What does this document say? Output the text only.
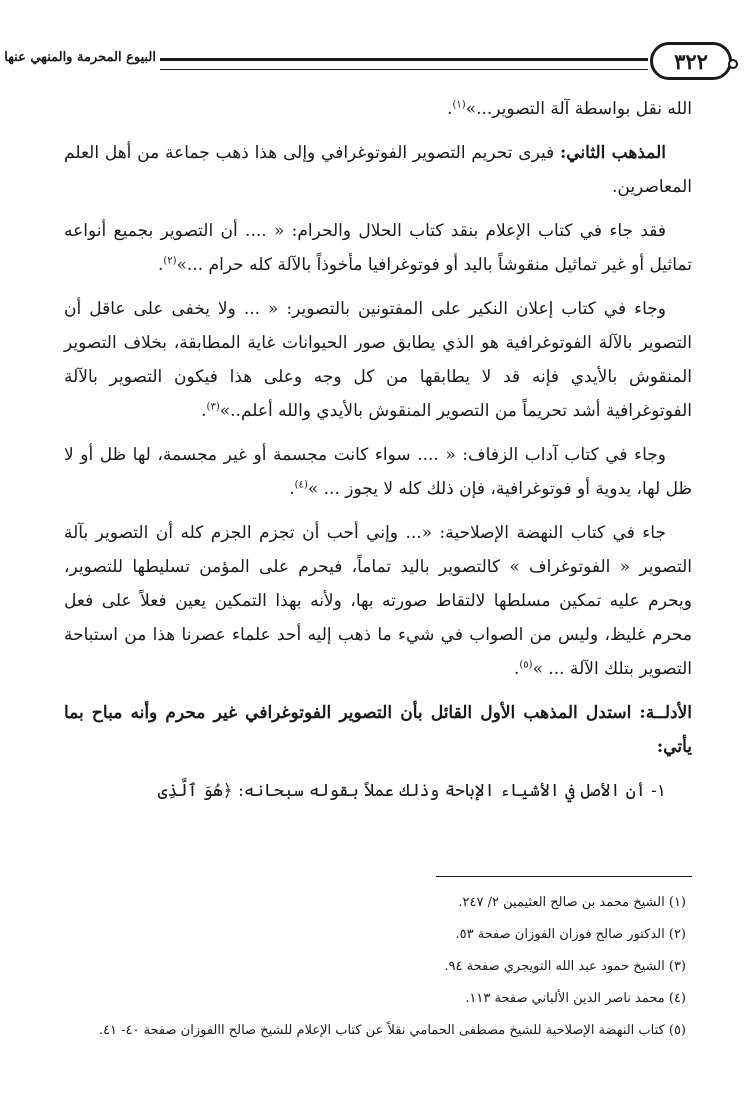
٣٢٢
البيوع المحرمة والمنهي عنها

الله نقل بواسطة آلة التصوير...»$^{(١)}$.

المذهب الثاني: فيرى تحريم التصوير الفوتوغرافي وإلى هذا ذهب جماعة من أهل العلم المعاصرين.

فقد جاء في كتاب الإعلام بنقد كتاب الحلال والحرام: « .... أن التصوير بجميع أنواعه تماثيل أو غير تماثيل منقوشاً باليد أو فوتوغرافيا مأخوذاً بالآلة كله حرام ...»$^{(٢)}$.

وجاء في كتاب إعلان النكير على المفتونين بالتصوير: « ... ولا يخفى على عاقل أن التصوير بالآلة الفوتوغرافية هو الذي يطابق صور الحيوانات غاية المطابقة، بخلاف التصوير المنقوش بالأيدي فإنه قد لا يطابقها من كل وجه وعلى هذا فيكون التصوير بالآلة الفوتوغرافية أشد تحريماً من التصوير المنقوش بالأيدي والله أعلم..»$^{(٣)}$.

وجاء في كتاب آداب الزفاف: « .... سواء كانت مجسمة أو غير مجسمة، لها ظل أو لا ظل لها، يدوية أو فوتوغرافية، فإن ذلك كله لا يجوز ... »$^{(٤)}$.

جاء في كتاب النهضة الإصلاحية: «... وإني أحب أن تجزم الجزم كله أن التصوير بآلة التصوير « الفوتوغراف » كالتصوير باليد تماماً، فيحرم على المؤمن تسليطها للتصوير، ويحرم عليه تمكين مسلطها لالتقاط صورته بها، ولأنه بهذا التمكين يعين فعلاً على فعل محرم غليظ، وليس من الصواب في شيء ما ذهب إليه أحد علماء عصرنا هذا من استباحة التصوير بتلك الآلة ... »$^{(٥)}$.

الأدلــة: استدل المذهب الأول القائل بأن التصوير الفوتوغرافي غير محرم وأنه مباح بما يأتي:

١- أن الأصل في الأشياء الإباحة وذلك عملاً بقوله سبحانه: ﴿هُوَ ٱلَّذِى

(١) الشيخ محمد بن صالح العثيمين ٢/ ٢٤٧.

(٢) الدكتور صالح فوزان الفوزان صفحة ٥٣.

(٣) الشيخ حمود عبد الله التويجري صفحة ٩٤.

(٤) محمد ناصر الدين الألباني صفحة ١١٣.

(٥) كتاب النهضة الإصلاحية للشيخ مصطفى الحمامي نقلاً عن كتاب الإعلام للشيخ صالح االفوزان صفحة ٤٠- ٤١.
